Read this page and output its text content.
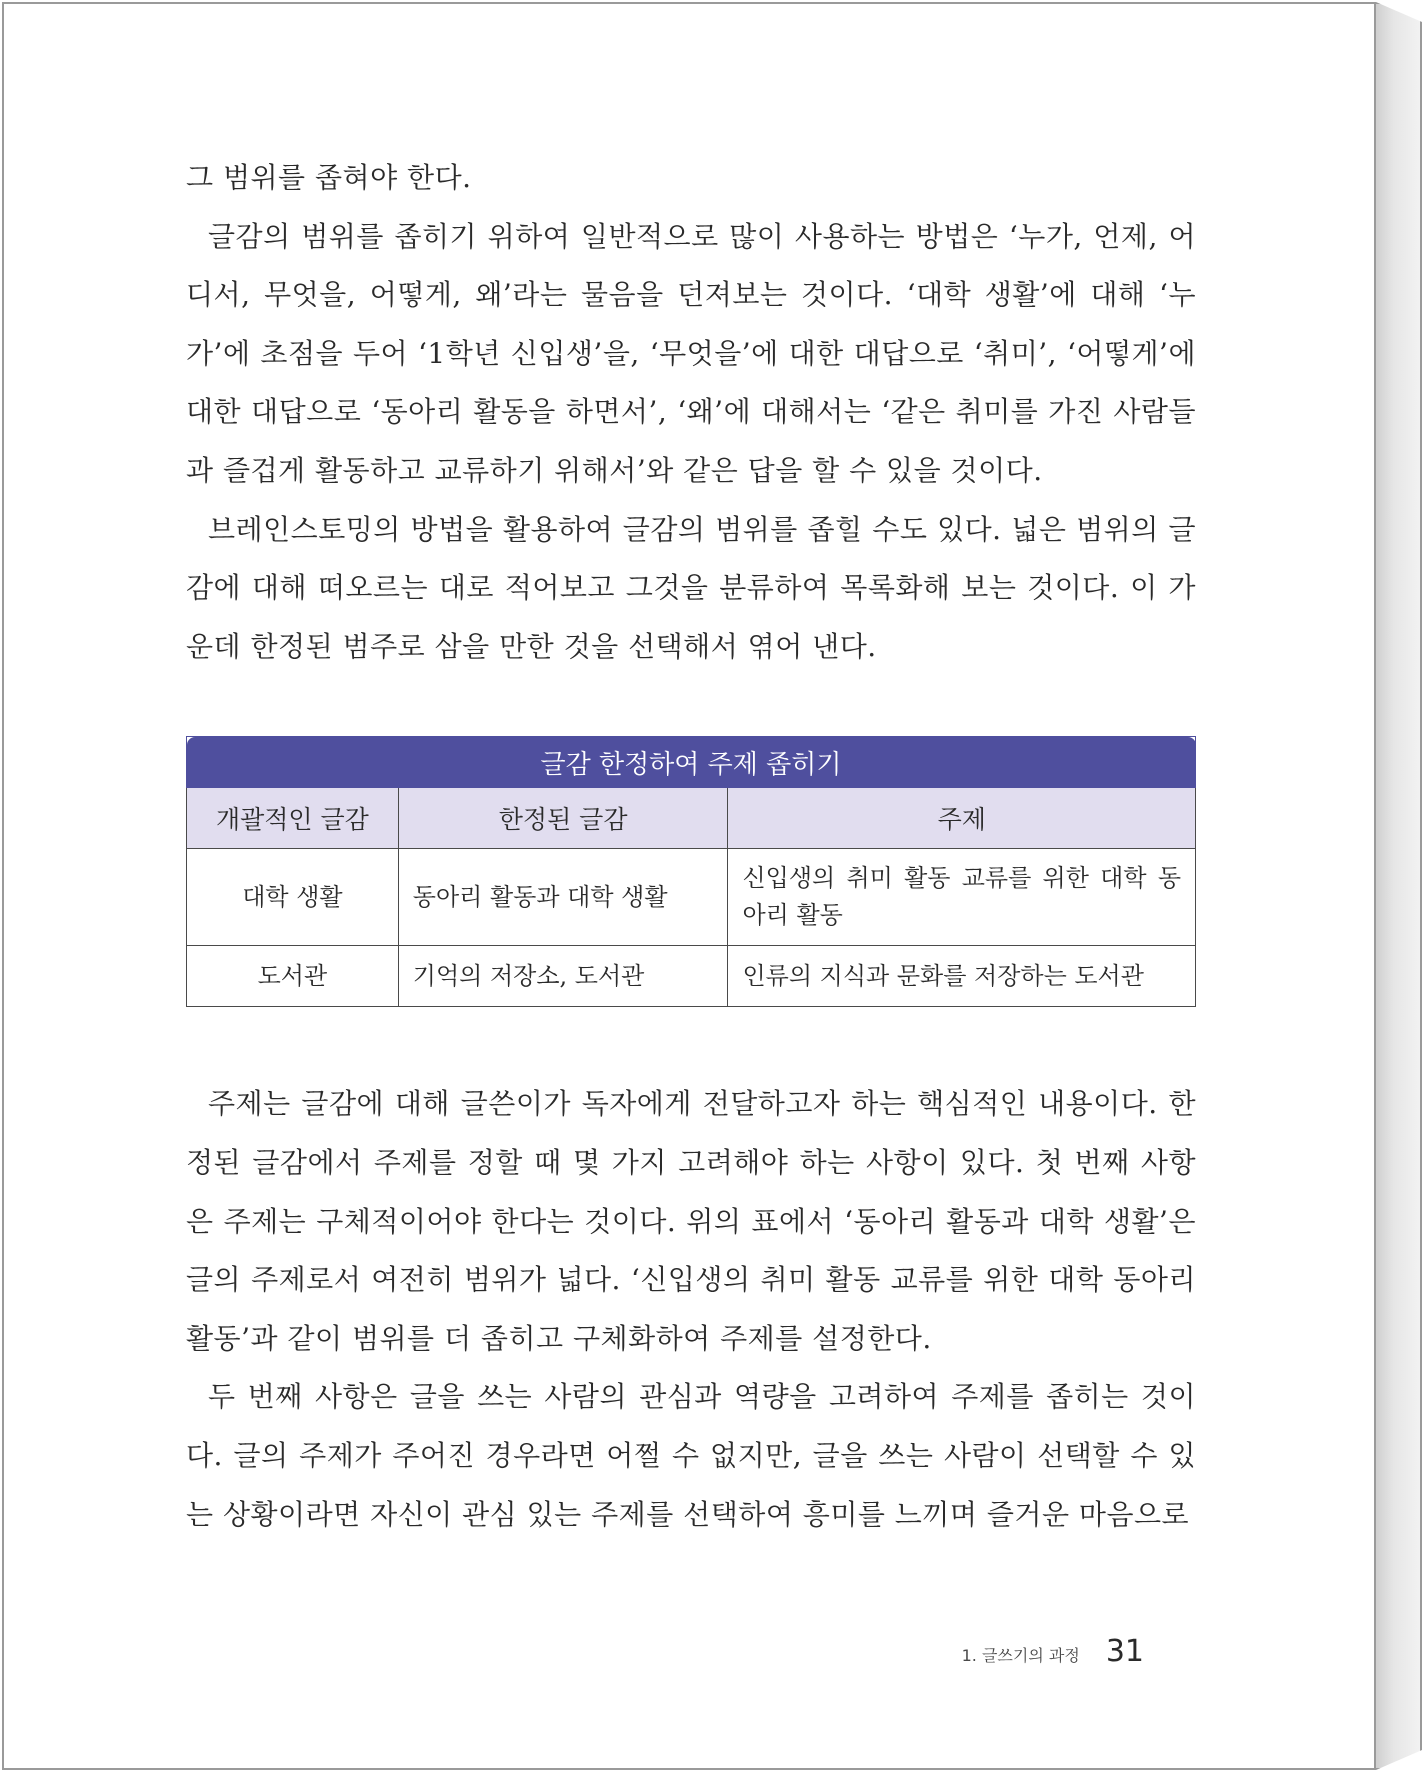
그 범위를 좁혀야 한다.

글감의 범위를 좁히기 위하여 일반적으로 많이 사용하는 방법은 ‘누가, 언제, 어디서, 무엇을, 어떻게, 왜’라는 물음을 던져보는 것이다. ‘대학 생활’에 대해 ‘누가’에 초점을 두어 ‘1학년 신입생’을, ‘무엇을’에 대한 대답으로 ‘취미’, ‘어떻게’에 대한 대답으로 ‘동아리 활동을 하면서’, ‘왜’에 대해서는 ‘같은 취미를 가진 사람들과 즐겁게 활동하고 교류하기 위해서’와 같은 답을 할 수 있을 것이다.

브레인스토밍의 방법을 활용하여 글감의 범위를 좁힐 수도 있다. 넓은 범위의 글감에 대해 떠오르는 대로 적어보고 그것을 분류하여 목록화해 보는 것이다. 이 가운데 한정된 범주로 삼을 만한 것을 선택해서 엮어 낸다.

글감 한정하여 주제 좁히기		
개괄적인 글감	한정된 글감	주제
대학 생활	동아리 활동과 대학 생활	신입생의 취미 활동 교류를 위한 대학 동아리 활동
도서관	기억의 저장소, 도서관	인류의 지식과 문화를 저장하는 도서관

주제는 글감에 대해 글쓴이가 독자에게 전달하고자 하는 핵심적인 내용이다. 한정된 글감에서 주제를 정할 때 몇 가지 고려해야 하는 사항이 있다. 첫 번째 사항은 주제는 구체적이어야 한다는 것이다. 위의 표에서 ‘동아리 활동과 대학 생활’은 글의 주제로서 여전히 범위가 넓다. ‘신입생의 취미 활동 교류를 위한 대학 동아리 활동’과 같이 범위를 더 좁히고 구체화하여 주제를 설정한다.

두 번째 사항은 글을 쓰는 사람의 관심과 역량을 고려하여 주제를 좁히는 것이다. 글의 주제가 주어진 경우라면 어쩔 수 없지만, 글을 쓰는 사람이 선택할 수 있는 상황이라면 자신이 관심 있는 주제를 선택하여 흥미를 느끼며 즐거운 마음으로

1. 글쓰기의 과정 31
